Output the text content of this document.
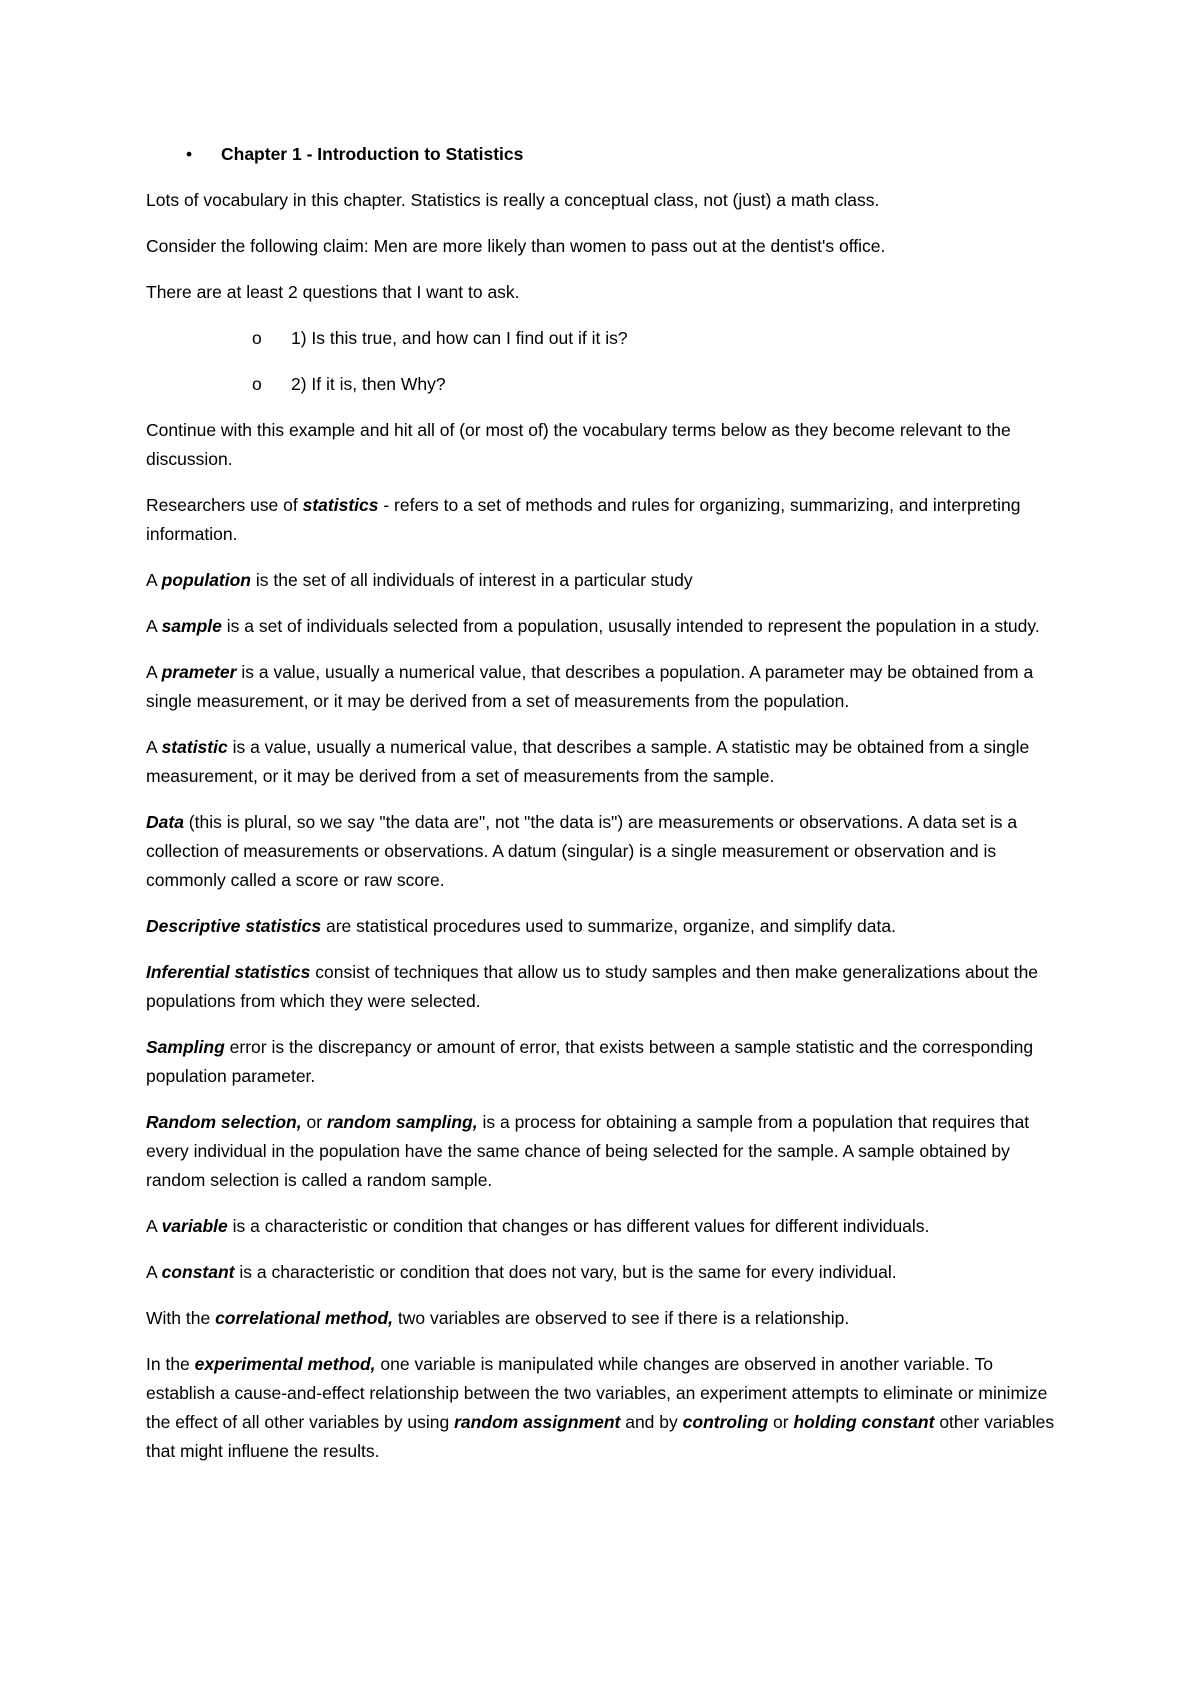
• Chapter 1 - Introduction to Statistics

Lots of vocabulary in this chapter. Statistics is really a conceptual class, not (just) a math class.

Consider the following claim: Men are more likely than women to pass out at the dentist's office.

There are at least 2 questions that I want to ask.

o 1) Is this true, and how can I find out if it is?
o 2) If it is, then Why?

Continue with this example and hit all of (or most of) the vocabulary terms below as they become relevant to the discussion.

Researchers use of statistics - refers to a set of methods and rules for organizing, summarizing, and interpreting information.

A population is the set of all individuals of interest in a particular study

A sample is a set of individuals selected from a population, ususally intended to represent the population in a study.

A prameter is a value, usually a numerical value, that describes a population. A parameter may be obtained from a single measurement, or it may be derived from a set of measurements from the population.

A statistic is a value, usually a numerical value, that describes a sample. A statistic may be obtained from a single measurement, or it may be derived from a set of measurements from the sample.

Data (this is plural, so we say "the data are", not "the data is") are measurements or observations. A data set is a collection of measurements or observations. A datum (singular) is a single measurement or observation and is commonly called a score or raw score.

Descriptive statistics are statistical procedures used to summarize, organize, and simplify data.

Inferential statistics consist of techniques that allow us to study samples and then make generalizations about the populations from which they were selected.

Sampling error is the discrepancy or amount of error, that exists between a sample statistic and the corresponding population parameter.

Random selection, or random sampling, is a process for obtaining a sample from a population that requires that every individual in the population have the same chance of being selected for the sample. A sample obtained by random selection is called a random sample.

A variable is a characteristic or condition that changes or has different values for different individuals.

A constant is a characteristic or condition that does not vary, but is the same for every individual.

With the correlational method, two variables are observed to see if there is a relationship.

In the experimental method, one variable is manipulated while changes are observed in another variable. To establish a cause-and-effect relationship between the two variables, an experiment attempts to eliminate or minimize the effect of all other variables by using random assignment and by controling or holding constant other variables that might influene the results.
